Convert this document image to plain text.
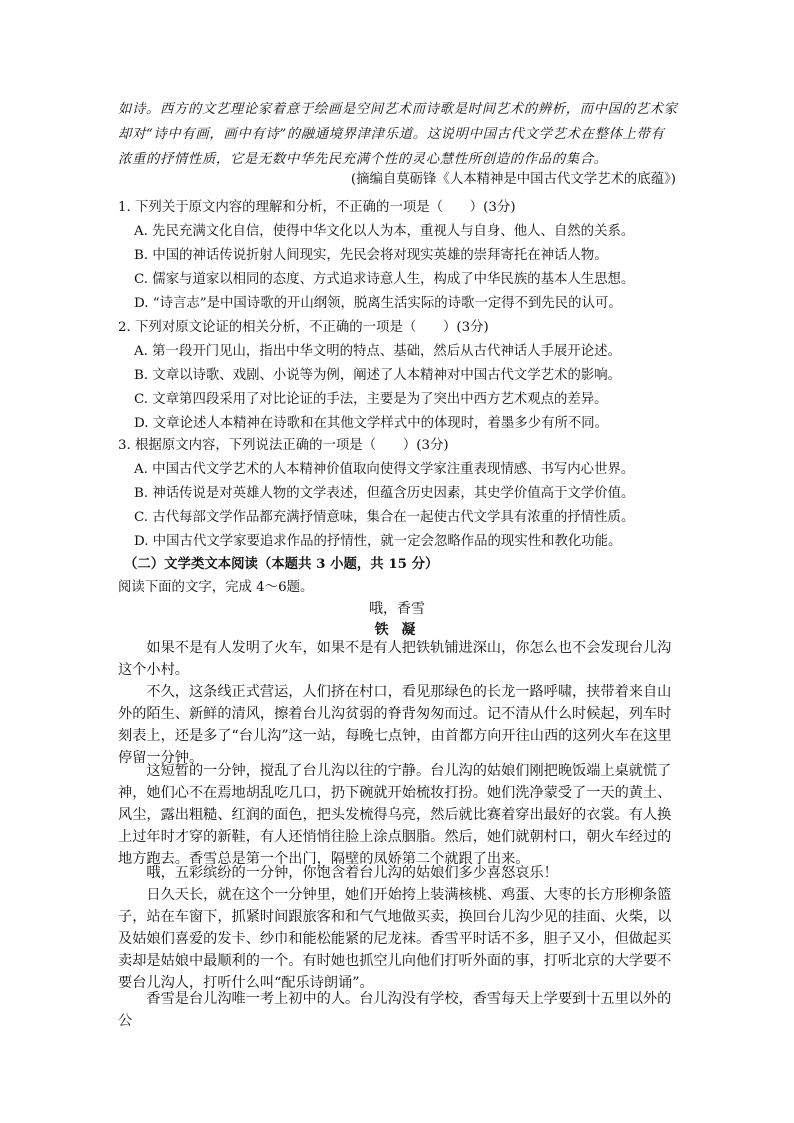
如诗。西方的文艺理论家着意于绘画是空间艺术而诗歌是时间艺术的辨析，而中国的艺术家
却对“诗中有画，画中有诗”的融通境界津津乐道。这说明中国古代文学艺术在整体上带有
浓重的抒情性质，它是无数中华先民充满个性的灵心慧性所创造的作品的集合。
(摘编自莫砺锋《人本精神是中国古代文学艺术的底蕴》)
1. 下列关于原文内容的理解和分析，不正确的一项是（　　）(3分)
A. 先民充满文化自信，使得中华文化以人为本，重视人与自身、他人、自然的关系。
B. 中国的神话传说折射人间现实，先民会将对现实英雄的崇拜寄托在神话人物。
C. 儒家与道家以相同的态度、方式追求诗意人生，构成了中华民族的基本人生思想。
D. “诗言志”是中国诗歌的开山纲领，脱离生活实际的诗歌一定得不到先民的认可。
2. 下列对原文论证的相关分析，不正确的一项是（　　）(3分)
A. 第一段开门见山，指出中华文明的特点、基础，然后从古代神话人手展开论述。
B. 文章以诗歌、戏剧、小说等为例，阐述了人本精神对中国古代文学艺术的影响。
C. 文章第四段采用了对比论证的手法，主要是为了突出中西方艺术观点的差异。
D. 文章论述人本精神在诗歌和在其他文学样式中的体现时，着墨多少有所不同。
3. 根据原文内容，下列说法正确的一项是（　　）(3分)
A. 中国古代文学艺术的人本精神价值取向使得文学家注重表现情感、书写内心世界。
B. 神话传说是对英雄人物的文学表述，但蕴含历史因素，其史学价值高于文学价值。
C. 古代每部文学作品都充满抒情意味，集合在一起使古代文学具有浓重的抒情性质。
D. 中国古代文学家要追求作品的抒情性，就一定会忽略作品的现实性和教化功能。
（二）文学类文本阅读（本题共 3 小题，共 15 分）
阅读下面的文字，完成 4～6题。
哦，香雪
铁 凝

如果不是有人发明了火车，如果不是有人把铁轨铺进深山，你怎么也不会发现台儿沟这个小村。

不久，这条线正式营运，人们挤在村口，看见那绿色的长龙一路呼啸，挟带着来自山外的陌生、新鲜的清风，擦着台儿沟贫弱的脊背匆匆而过。记不清从什么时候起，列车时刻表上，还是多了“台儿沟”这一站，每晚七点钟，由首都方向开往山西的这列火车在这里停留一分钟。

这短暂的一分钟，搅乱了台儿沟以往的宁静。台儿沟的姑娘们刚把晚饭端上桌就慌了神，她们心不在焉地胡乱吃几口，扔下碗就开始梳妆打扮。她们洗净蒙受了一天的黄土、风尘，露出粗糙、红润的面色，把头发梳得乌亮，然后就比赛着穿出最好的衣裳。有人换上过年时才穿的新鞋，有人还悄悄往脸上涂点胭脂。然后，她们就朝村口，朝火车经过的地方跑去。香雪总是第一个出门，隔壁的凤娇第二个就跟了出来。

哦，五彩缤纷的一分钟，你饱含着台儿沟的姑娘们多少喜怒哀乐！

日久天长，就在这个一分钟里，她们开始挎上装满核桃、鸡蛋、大枣的长方形柳条篮子，站在车窗下，抓紧时间跟旅客和和气气地做买卖，换回台儿沟少见的挂面、火柴，以及姑娘们喜爱的发卡、纱巾和能松能紧的尼龙袜。香雪平时话不多，胆子又小，但做起买卖却是姑娘中最顺利的一个。有时她也抓空儿向他们打听外面的事，打听北京的大学要不要台儿沟人，打听什么叫“配乐诗朗诵”。

香雪是台儿沟唯一考上初中的人。台儿沟没有学校，香雪每天上学要到十五里以外的公
